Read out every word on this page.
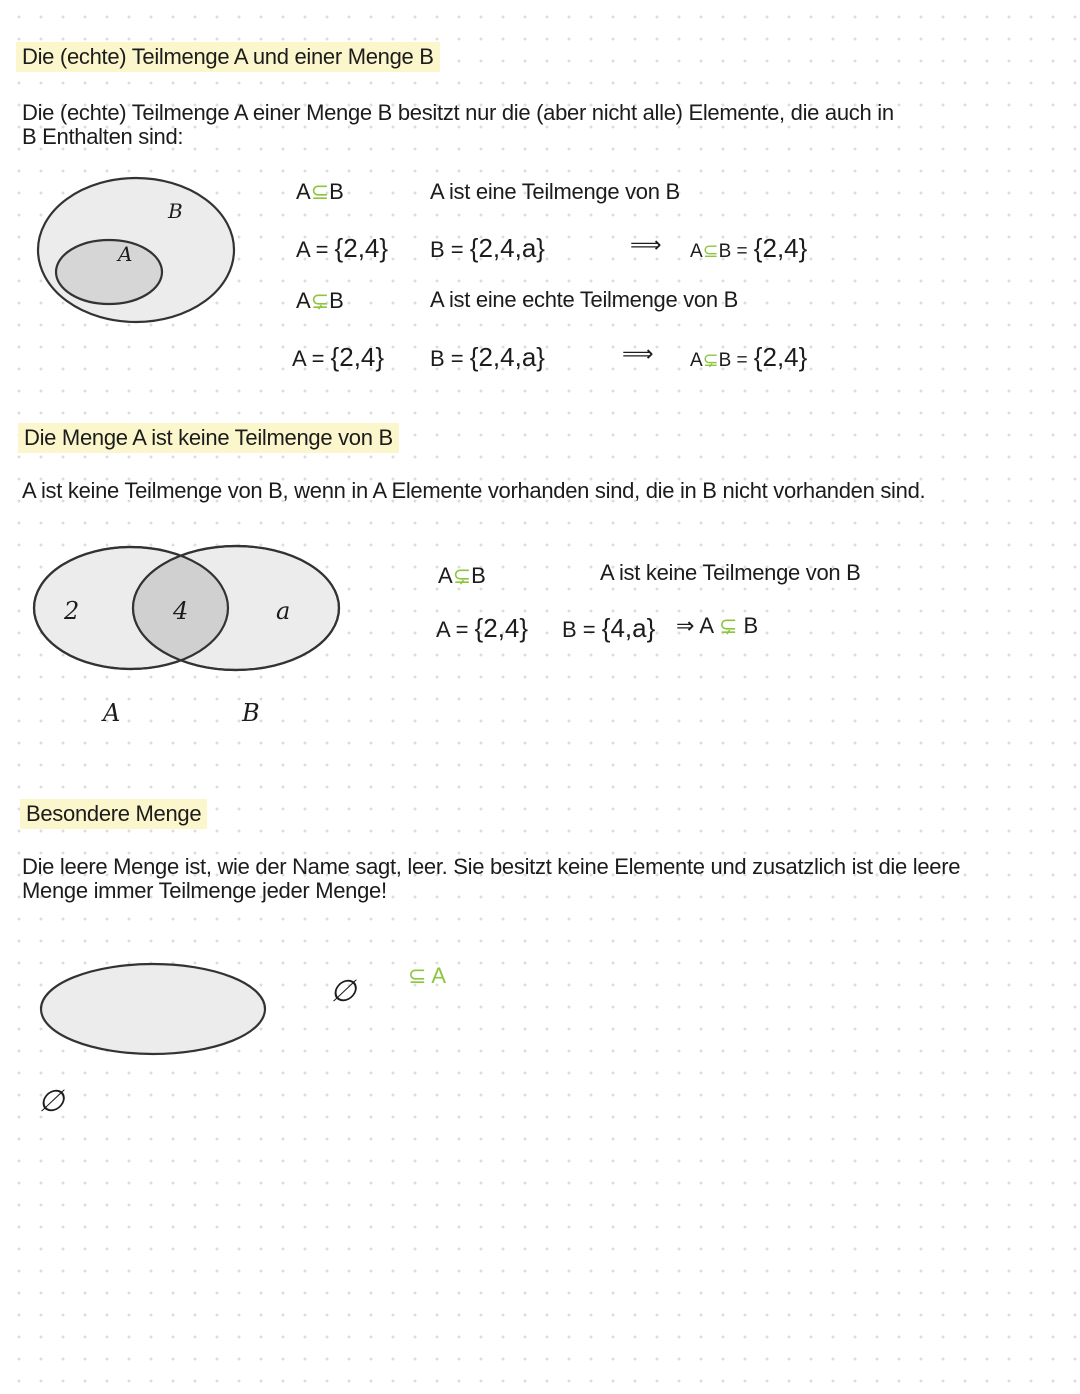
Die (echte) Teilmenge A und einer Menge B
Die (echte) Teilmenge A einer Menge B besitzt nur die (aber nicht alle) Elemente, die auch in
B Enthalten sind:
B
A
A⊆B	A ist eine Teilmenge von B
A = {2,4} B = {2,4,a}	⟹ A⊆B = {2,4}
A⊊B	A ist eine echte Teilmenge von B
A = {2,4} B = {2,4,a}	⟹ A⊊B = {2,4}
Die Menge A ist keine Teilmenge von B
A ist keine Teilmenge von B, wenn in A Elemente vorhanden sind, die in B nicht vorhanden sind.
2	4	a
A	B
A⊊B	A ist keine Teilmenge von B
A = {2,4} B = {4,a} ⇒ A ⊊ B
Besondere Menge
Die leere Menge ist, wie der Name sagt, leer. Sie besitzt keine Elemente und zusatzlich ist die leere
Menge immer Teilmenge jeder Menge!
∅
∅ ⊆ A
